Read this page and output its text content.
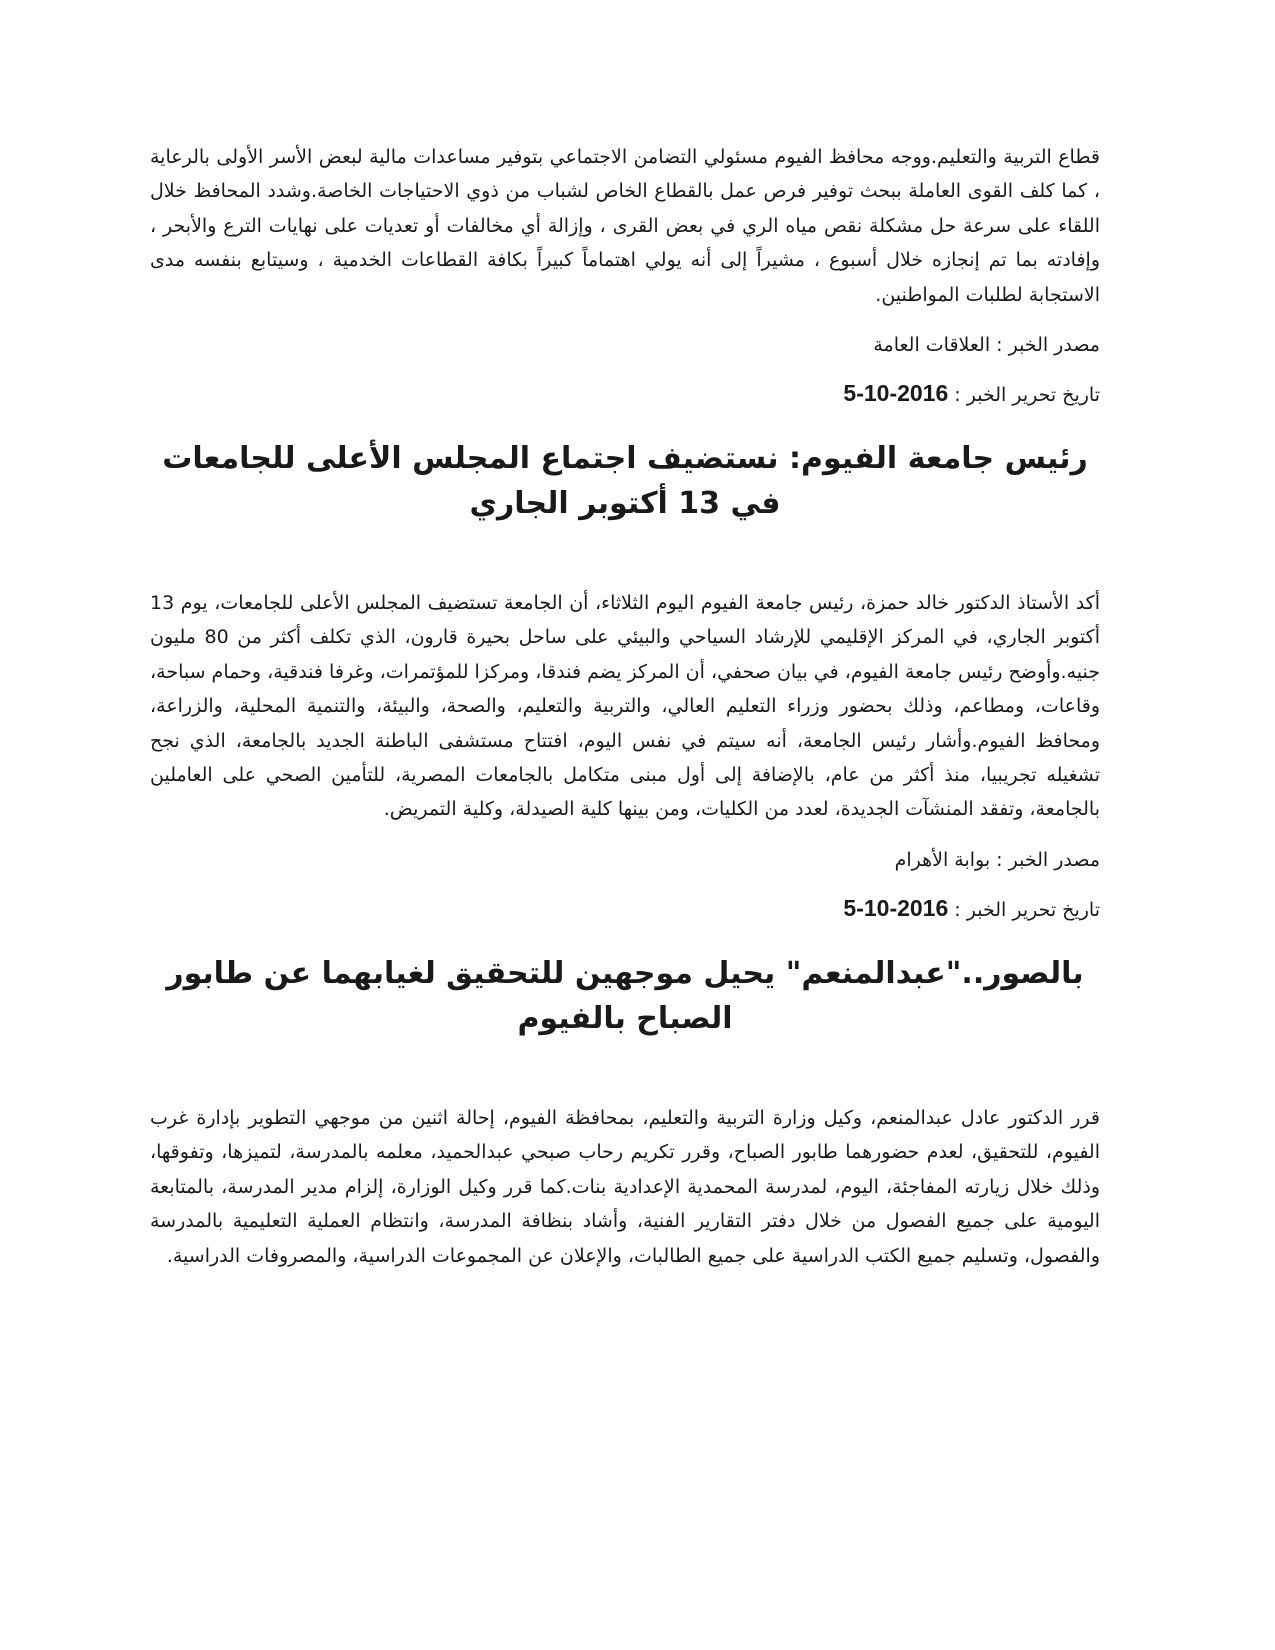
قطاع التربية والتعليم.ووجه محافظ الفيوم مسئولي التضامن الاجتماعي بتوفير مساعدات مالية لبعض الأسر الأولى بالرعاية ، كما كلف القوى العاملة ببحث توفير فرص عمل بالقطاع الخاص لشباب من ذوي الاحتياجات الخاصة.وشدد المحافظ خلال اللقاء على سرعة حل مشكلة نقص مياه الري في بعض القرى ، وإزالة أي مخالفات أو تعديات على نهايات الترع والأبحر ، وإفادته بما تم إنجازه خلال أسبوع ، مشيراً إلى أنه يولي اهتماماً كبيراً بكافة القطاعات الخدمية ، وسيتابع بنفسه مدى الاستجابة لطلبات المواطنين.

مصدر الخبر : العلاقات العامة

تاريخ تحرير الخبر : 5-10-2016

رئيس جامعة الفيوم: نستضيف اجتماع المجلس الأعلى للجامعات في 13 أكتوبر الجاري

أكد الأستاذ الدكتور خالد حمزة، رئيس جامعة الفيوم اليوم الثلاثاء، أن الجامعة تستضيف المجلس الأعلى للجامعات، يوم 13 أكتوبر الجاري، في المركز الإقليمي للإرشاد السياحي والبيئي على ساحل بحيرة قارون، الذي تكلف أكثر من 80 مليون جنيه.وأوضح رئيس جامعة الفيوم، في بيان صحفي، أن المركز يضم فندقا، ومركزا للمؤتمرات، وغرفا فندقية، وحمام سباحة، وقاعات، ومطاعم، وذلك بحضور وزراء التعليم العالي، والتربية والتعليم، والصحة، والبيئة، والتنمية المحلية، والزراعة، ومحافظ الفيوم.وأشار رئيس الجامعة، أنه سيتم في نفس اليوم، افتتاح مستشفى الباطنة الجديد بالجامعة، الذي نجح تشغيله تجريبيا، منذ أكثر من عام، بالإضافة إلى أول مبنى متكامل بالجامعات المصرية، للتأمين الصحي على العاملين بالجامعة، وتفقد المنشآت الجديدة، لعدد من الكليات، ومن بينها كلية الصيدلة، وكلية التمريض.

مصدر الخبر : بوابة الأهرام

تاريخ تحرير الخبر : 5-10-2016

بالصور.."عبدالمنعم" يحيل موجهين للتحقيق لغيابهما عن طابور الصباح بالفيوم

قرر الدكتور عادل عبدالمنعم، وكيل وزارة التربية والتعليم، بمحافظة الفيوم، إحالة اثنين من موجهي التطوير بإدارة غرب الفيوم، للتحقيق، لعدم حضورهما طابور الصباح، وقرر تكريم رحاب صبحي عبدالحميد، معلمه بالمدرسة، لتميزها، وتفوقها، وذلك خلال زيارته المفاجئة، اليوم، لمدرسة المحمدية الإعدادية بنات.كما قرر وكيل الوزارة، إلزام مدير المدرسة، بالمتابعة اليومية على جميع الفصول من خلال دفتر التقارير الفنية، وأشاد بنظافة المدرسة، وانتظام العملية التعليمية بالمدرسة والفصول، وتسليم جميع الكتب الدراسية على جميع الطالبات، والإعلان عن المجموعات الدراسية، والمصروفات الدراسية.
